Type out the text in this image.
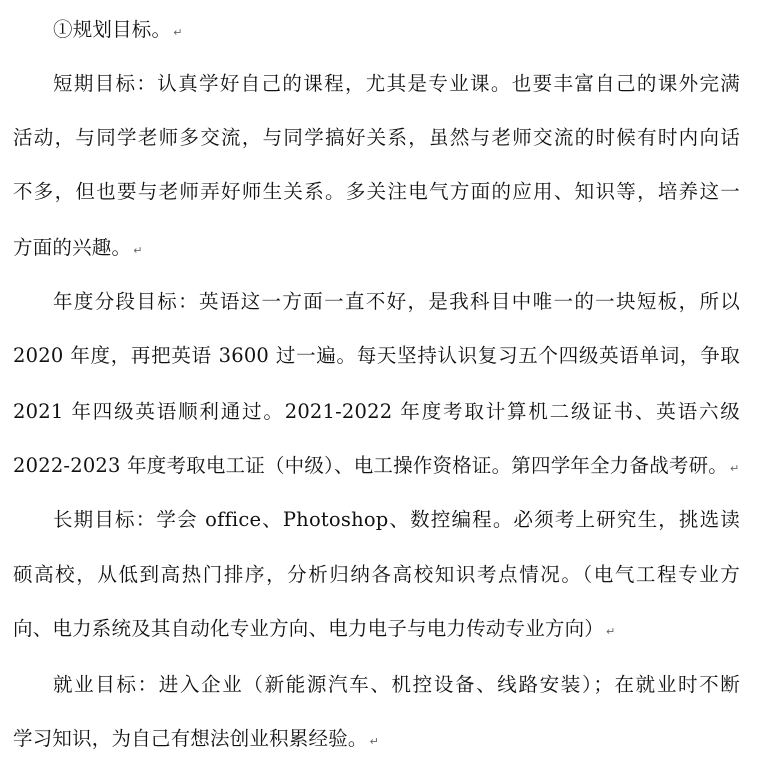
①规划目标。 ↵
短期目标：认真学好自己的课程，尤其是专业课。也要丰富自己的课外完满
活动，与同学老师多交流，与同学搞好关系，虽然与老师交流的时候有时内向话
不多，但也要与老师弄好师生关系。多关注电气方面的应用、知识等，培养这一
方面的兴趣。 ↵
年度分段目标：英语这一方面一直不好，是我科目中唯一的一块短板，所以
2020 年度，再把英语 3600 过一遍。每天坚持认识复习五个四级英语单词，争取
2021 年四级英语顺利通过。2021-2022 年度考取计算机二级证书、英语六级
2022-2023 年度考取电工证（中级）、电工操作资格证。第四学年全力备战考研。 ↵
长期目标：学会 office、Photoshop、数控编程。必须考上研究生，挑选读
硕高校，从低到高热门排序，分析归纳各高校知识考点情况。（电气工程专业方
向、电力系统及其自动化专业方向、电力电子与电力传动专业方向） ↵
就业目标：进入企业（新能源汽车、机控设备、线路安装）；在就业时不断
学习知识，为自己有想法创业积累经验。 ↵
